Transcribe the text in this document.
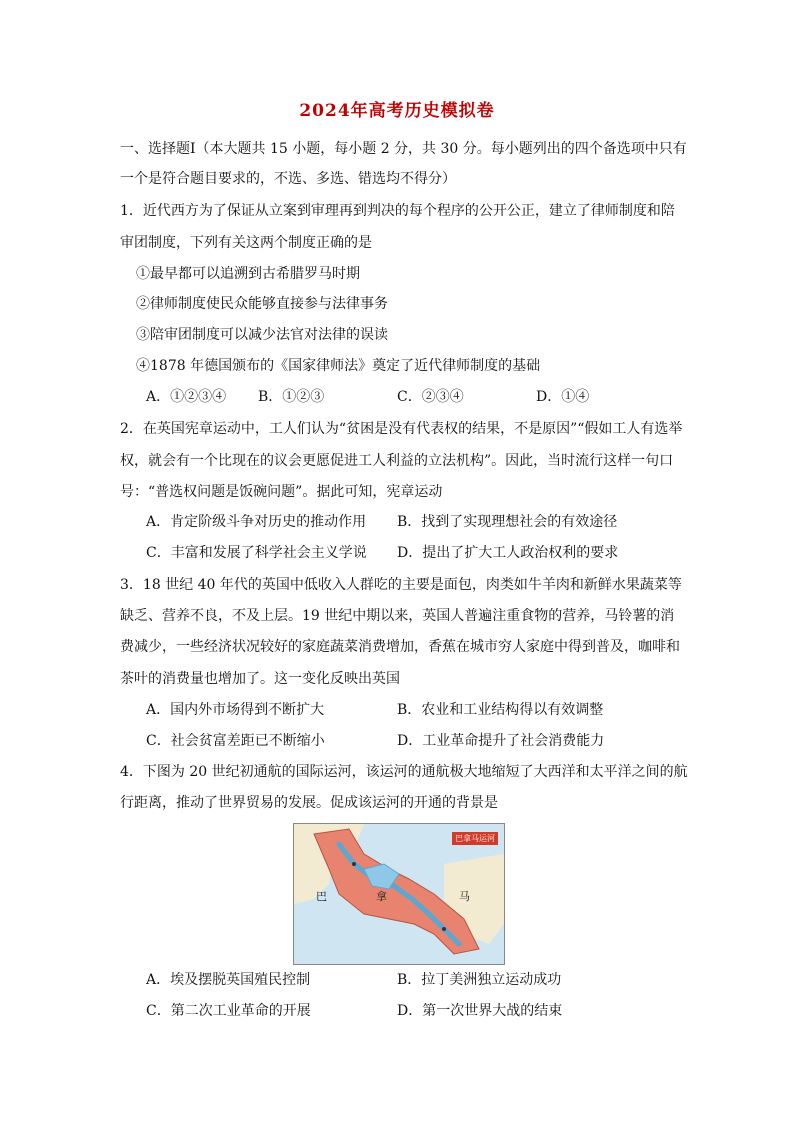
2024年高考历史模拟卷
一、选择题Ⅰ（本大题共 15 小题，每小题 2 分，共 30 分。每小题列出的四个备选项中只有
一个是符合题目要求的，不选、多选、错选均不得分）
1．近代西方为了保证从立案到审理再到判决的每个程序的公开公正，建立了律师制度和陪
审团制度，下列有关这两个制度正确的是
①最早都可以追溯到古希腊罗马时期
②律师制度使民众能够直接参与法律事务
③陪审团制度可以减少法官对法律的误读
④1878 年德国颁布的《国家律师法》奠定了近代律师制度的基础
A．①②③④ B．①②③	C．②③④	D．①④
2．在英国宪章运动中，工人们认为“贫困是没有代表权的结果，不是原因”“假如工人有选举
权，就会有一个比现在的议会更愿促进工人利益的立法机构”。因此，当时流行这样一句口
号：“普选权问题是饭碗问题”。据此可知，宪章运动
A．肯定阶级斗争对历史的推动作用 B．找到了实现理想社会的有效途径
C．丰富和发展了科学社会主义学说 D．提出了扩大工人政治权利的要求
3．18 世纪 40 年代的英国中低收入人群吃的主要是面包，肉类如牛羊肉和新鲜水果蔬菜等
缺乏、营养不良，不及上层。19 世纪中期以来，英国人普遍注重食物的营养，马铃薯的消
费减少，一些经济状况较好的家庭蔬菜消费增加，香蕉在城市穷人家庭中得到普及，咖啡和
茶叶的消费量也增加了。这一变化反映出英国
A．国内外市场得到不断扩大	B．农业和工业结构得以有效调整
C．社会贫富差距已不断缩小	D．工业革命提升了社会消费能力
4．下图为 20 世纪初通航的国际运河，该运河的通航极大地缩短了大西洋和太平洋之间的航
行距离，推动了世界贸易的发展。促成该运河的开通的背景是
巴拿马运河
巴	拿	马
A．埃及摆脱英国殖民控制	B．拉丁美洲独立运动成功
C．第二次工业革命的开展	D．第一次世界大战的结束
